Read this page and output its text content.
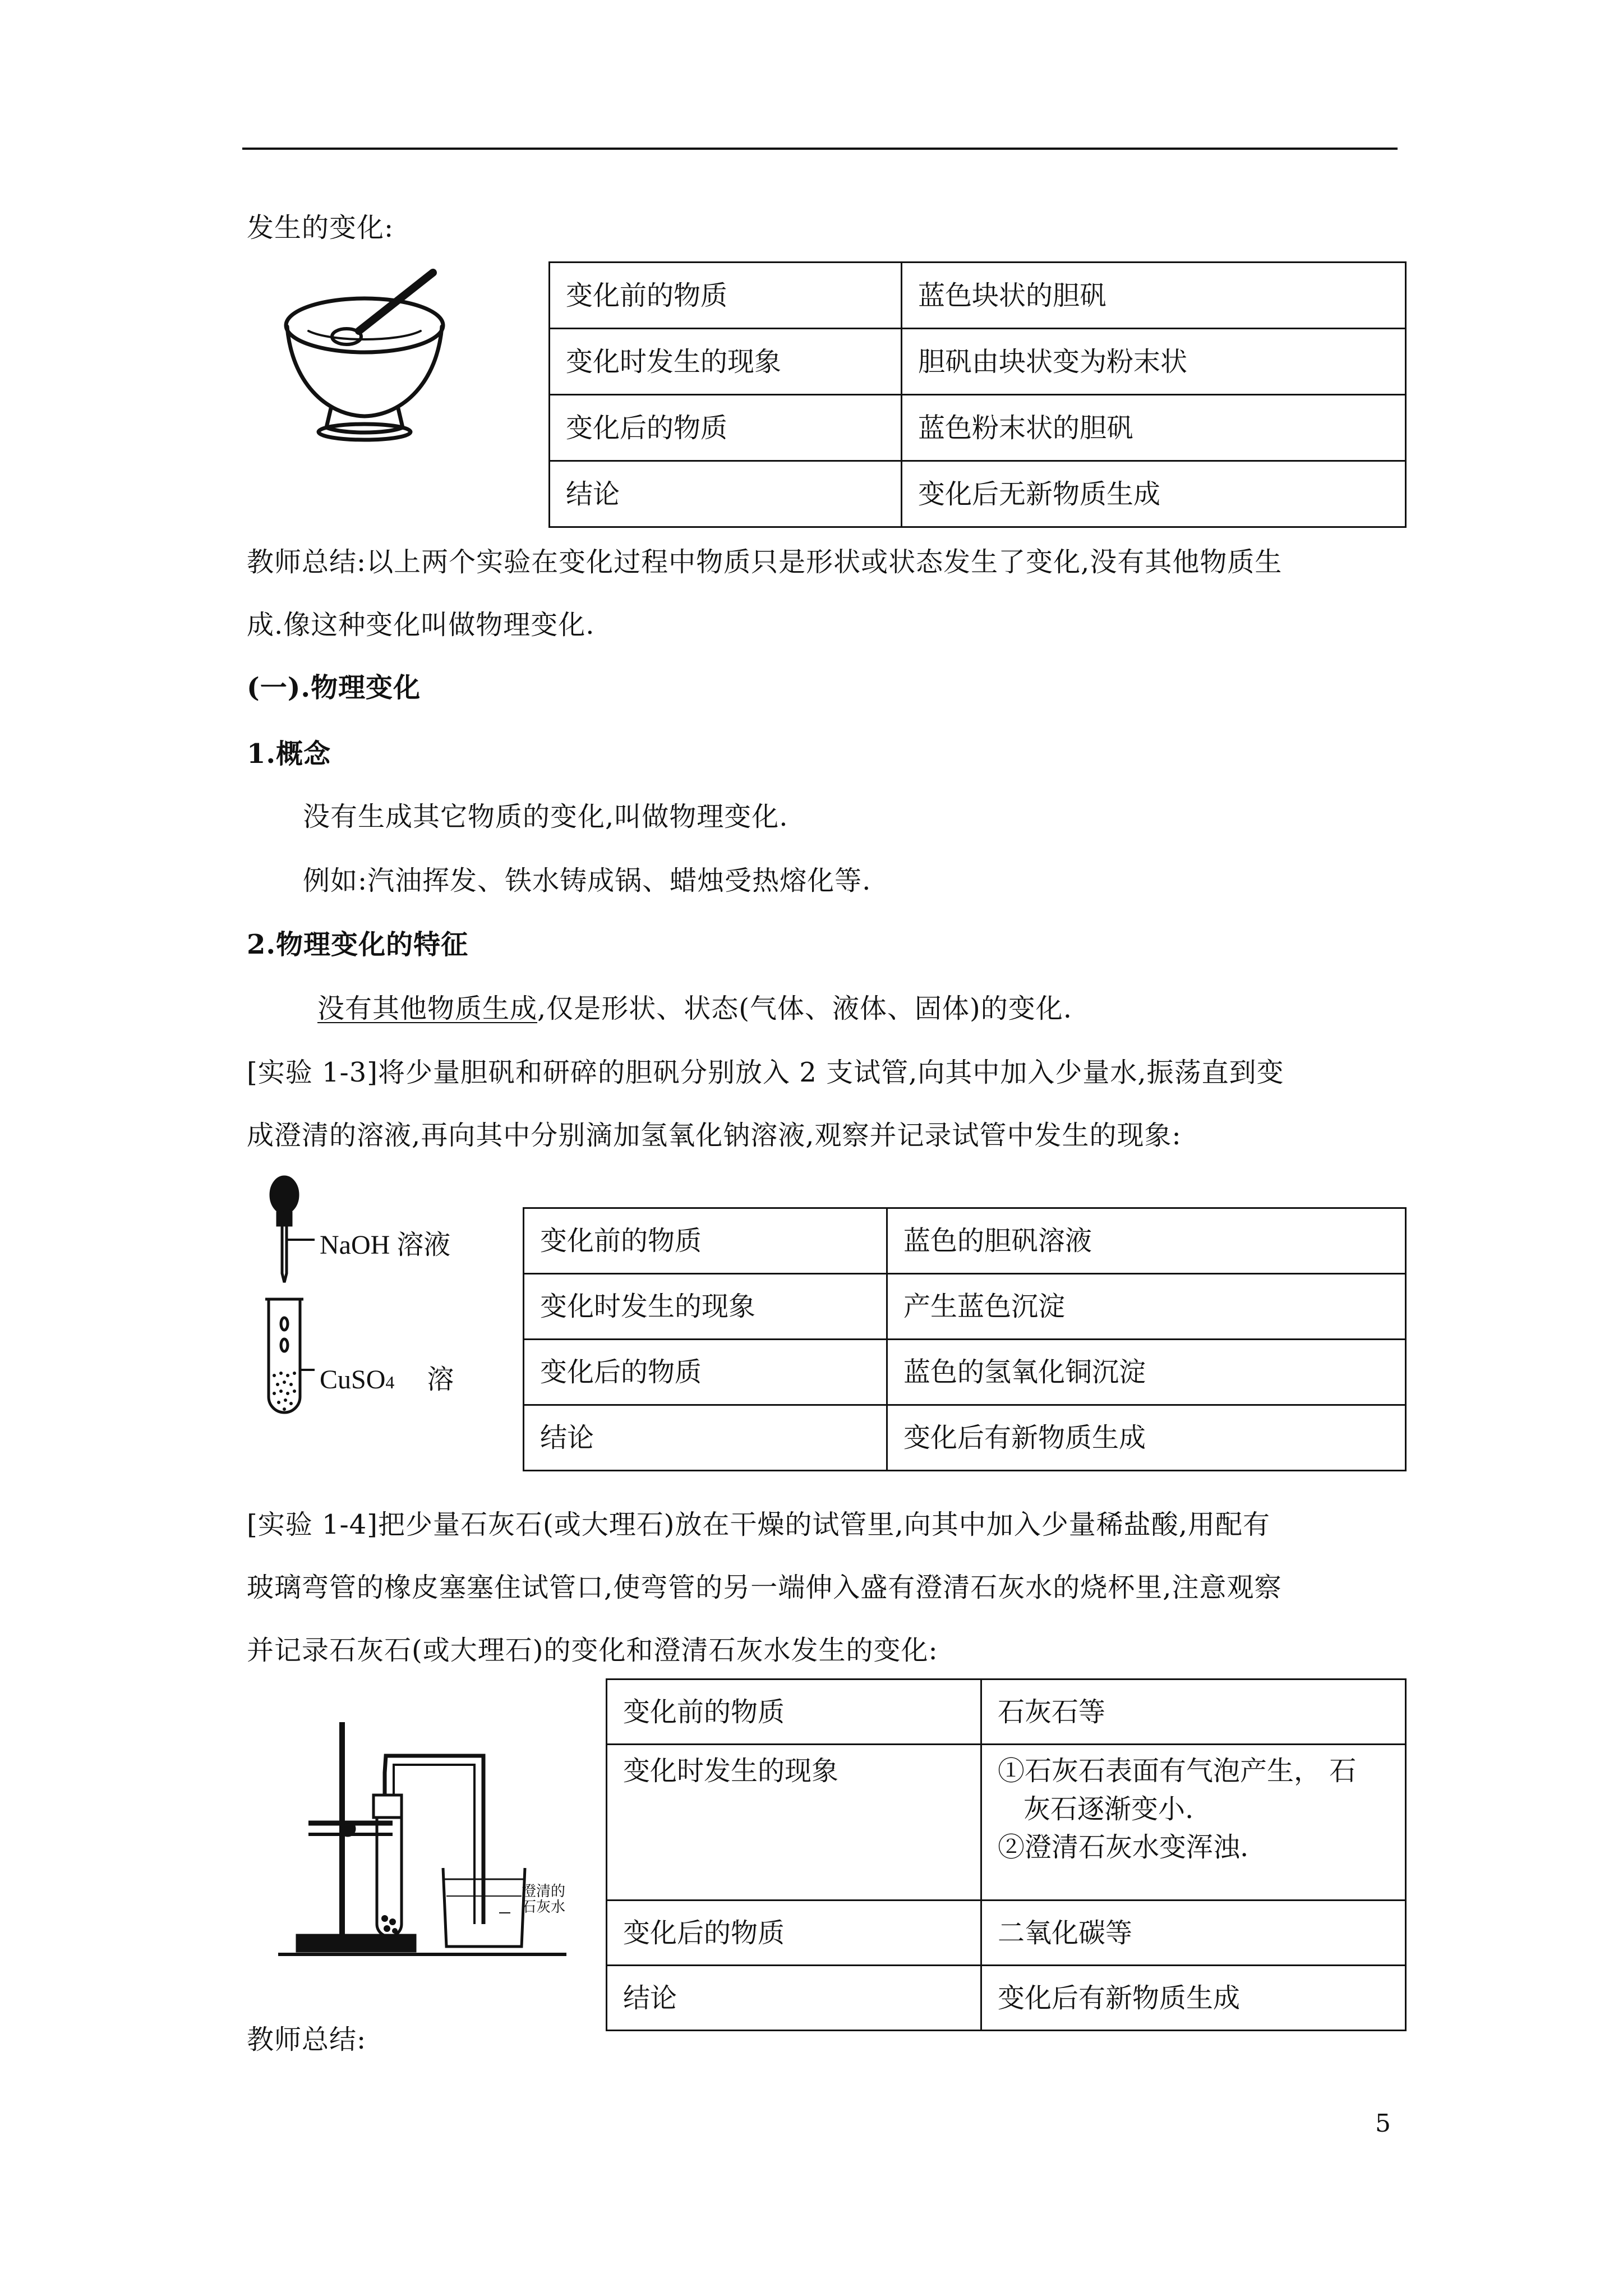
发生的变化:
变化前的物质	蓝色块状的胆矾
变化时发生的现象	胆矾由块状变为粉末状
变化后的物质	蓝色粉末状的胆矾
结论	变化后无新物质生成
教师总结:以上两个实验在变化过程中物质只是形状或状态发生了变化,没有其他物质生
成.像这种变化叫做物理变化.
(一).物理变化
1.概念
没有生成其它物质的变化,叫做物理变化.
例如:汽油挥发、铁水铸成锅、蜡烛受热熔化等.
2.物理变化的特征
没有其他物质生成,仅是形状、状态(气体、液体、固体)的变化.
[实验 1-3]将少量胆矾和研碎的胆矾分别放入 2 支试管,向其中加入少量水,振荡直到变
成澄清的溶液,再向其中分别滴加氢氧化钠溶液,观察并记录试管中发生的现象:
NaOH 溶液
CuSO4 溶
变化前的物质	蓝色的胆矾溶液
变化时发生的现象	产生蓝色沉淀
变化后的物质	蓝色的氢氧化铜沉淀
结论	变化后有新物质生成
[实验 1-4]把少量石灰石(或大理石)放在干燥的试管里,向其中加入少量稀盐酸,用配有
玻璃弯管的橡皮塞塞住试管口,使弯管的另一端伸入盛有澄清石灰水的烧杯里,注意观察
并记录石灰石(或大理石)的变化和澄清石灰水发生的变化:
澄清的
石灰水
变化前的物质	石灰石等
变化时发生的现象	①石灰石表面有气泡产生， 石
灰石逐渐变小.
②澄清石灰水变浑浊.

变化后的物质	二氧化碳等
结论	变化后有新物质生成
教师总结:
5
